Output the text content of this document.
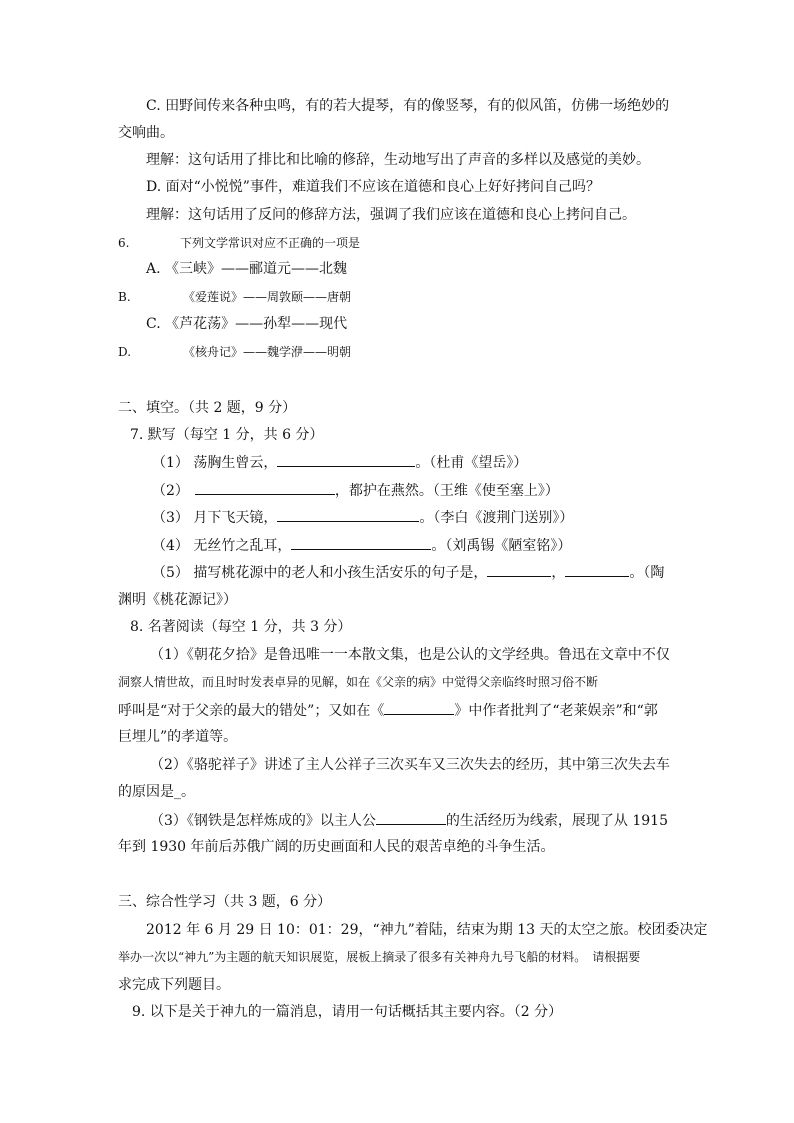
C. 田野间传来各种虫鸣，有的若大提琴，有的像竖琴，有的似风笛，仿佛一场绝妙的
交响曲。
理解：这句话用了排比和比喻的修辞，生动地写出了声音的多样以及感觉的美妙。
D. 面对“小悦悦”事件，难道我们不应该在道德和良心上好好拷问自己吗？
理解：这句话用了反问的修辞方法，强调了我们应该在道德和良心上拷问自己。
6.	下列文学常识对应不正确的一项是
A. 《三峡》——郦道元——北魏
B.	《爱莲说》——周敦颐——唐朝
C. 《芦花荡》——孙犁——现代
D.	《核舟记》——魏学洢——明朝
二、填空。（共 2 题，9 分）
7. 默写（每空 1 分，共 6 分）
（1） 荡胸生曾云，	。（杜甫《望岳》）
（2）	，都护在燕然。（王维《使至塞上》）
（3） 月下飞天镜，	。（李白《渡荆门送别》）
（4） 无丝竹之乱耳，	。（刘禹锡《陋室铭》）
（5） 描写桃花源中的老人和小孩生活安乐的句子是，	，	。（陶
渊明《桃花源记》）
8. 名著阅读（每空 1 分，共 3 分）
（1）《朝花夕拾》是鲁迅唯一一本散文集，也是公认的文学经典。鲁迅在文章中不仅
洞察人情世故，而且时时发表卓异的见解，如在《父亲的病》中觉得父亲临终时照习俗不断
呼叫是“对于父亲的最大的错处”；又如在《	》中作者批判了“老莱娱亲”和“郭
巨埋儿”的孝道等。
（2）《骆驼祥子》讲述了主人公祥子三次买车又三次失去的经历，其中第三次失去车
的原因是_。
（3）《钢铁是怎样炼成的》以主人公	的生活经历为线索，展现了从 1915
年到 1930 年前后苏俄广阔的历史画面和人民的艰苦卓绝的斗争生活。
三、综合性学习（共 3 题，6 分）
2012 年 6 月 29 日 10：01：29，“神九”着陆，结束为期 13 天的太空之旅。校团委决定
举办一次以“神九”为主题的航天知识展览，展板上摘录了很多有关神舟九号飞船的材料。　请根据要
求完成下列题目。
9. 以下是关于神九的一篇消息，请用一句话概括其主要内容。（2 分）
